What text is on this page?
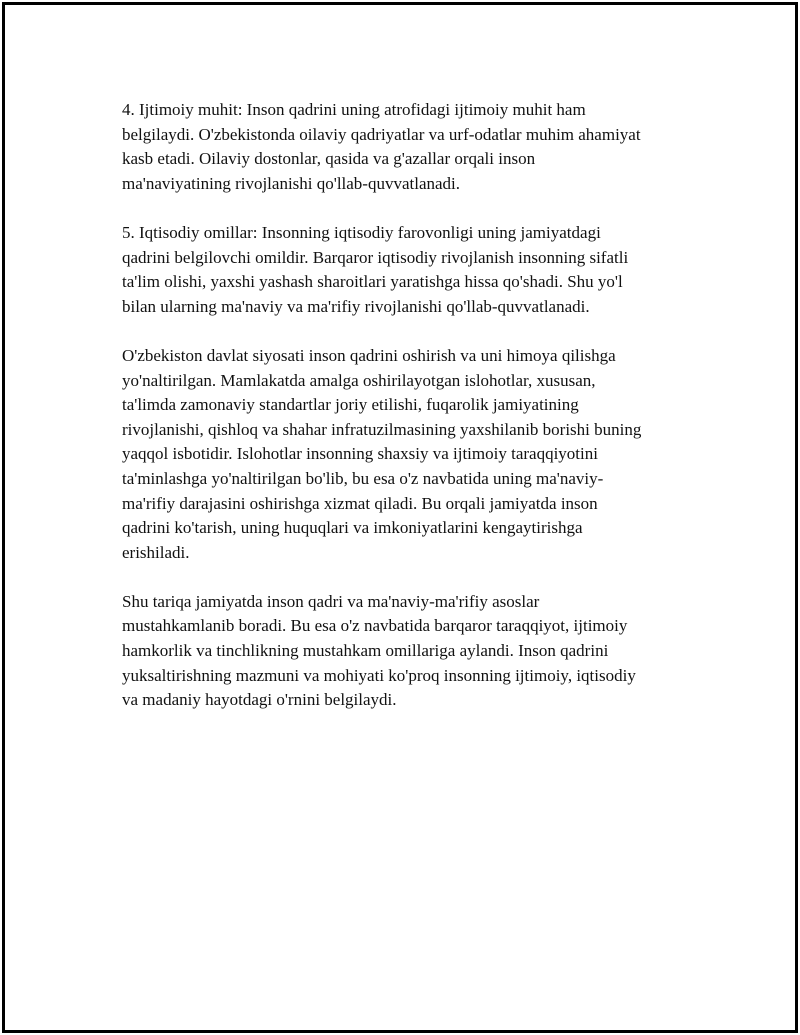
4. Ijtimoiy muhit: Inson qadrini uning atrofidagi ijtimoiy muhit ham
belgilaydi. O'zbekistonda oilaviy qadriyatlar va urf-odatlar muhim ahamiyat
kasb etadi. Oilaviy dostonlar, qasida va g'azallar orqali inson
ma'naviyatining rivojlanishi qo'llab-quvvatlanadi.

5. Iqtisodiy omillar: Insonning iqtisodiy farovonligi uning jamiyatdagi
qadrini belgilovchi omildir. Barqaror iqtisodiy rivojlanish insonning sifatli
ta'lim olishi, yaxshi yashash sharoitlari yaratishga hissa qo'shadi. Shu yo'l
bilan ularning ma'naviy va ma'rifiy rivojlanishi qo'llab-quvvatlanadi.

O'zbekiston davlat siyosati inson qadrini oshirish va uni himoya qilishga
yo'naltirilgan. Mamlakatda amalga oshirilayotgan islohotlar, xususan,
ta'limda zamonaviy standartlar joriy etilishi, fuqarolik jamiyatining
rivojlanishi, qishloq va shahar infratuzilmasining yaxshilanib borishi buning
yaqqol isbotidir. Islohotlar insonning shaxsiy va ijtimoiy taraqqiyotini
ta'minlashga yo'naltirilgan bo'lib, bu esa o'z navbatida uning ma'naviy-
ma'rifiy darajasini oshirishga xizmat qiladi. Bu orqali jamiyatda inson
qadrini ko'tarish, uning huquqlari va imkoniyatlarini kengaytirishga
erishiladi.

Shu tariqa jamiyatda inson qadri va ma'naviy-ma'rifiy asoslar
mustahkamlanib boradi. Bu esa o'z navbatida barqaror taraqqiyot, ijtimoiy
hamkorlik va tinchlikning mustahkam omillariga aylandi. Inson qadrini
yuksaltirishning mazmuni va mohiyati ko'proq insonning ijtimoiy, iqtisodiy
va madaniy hayotdagi o'rnini belgilaydi.
